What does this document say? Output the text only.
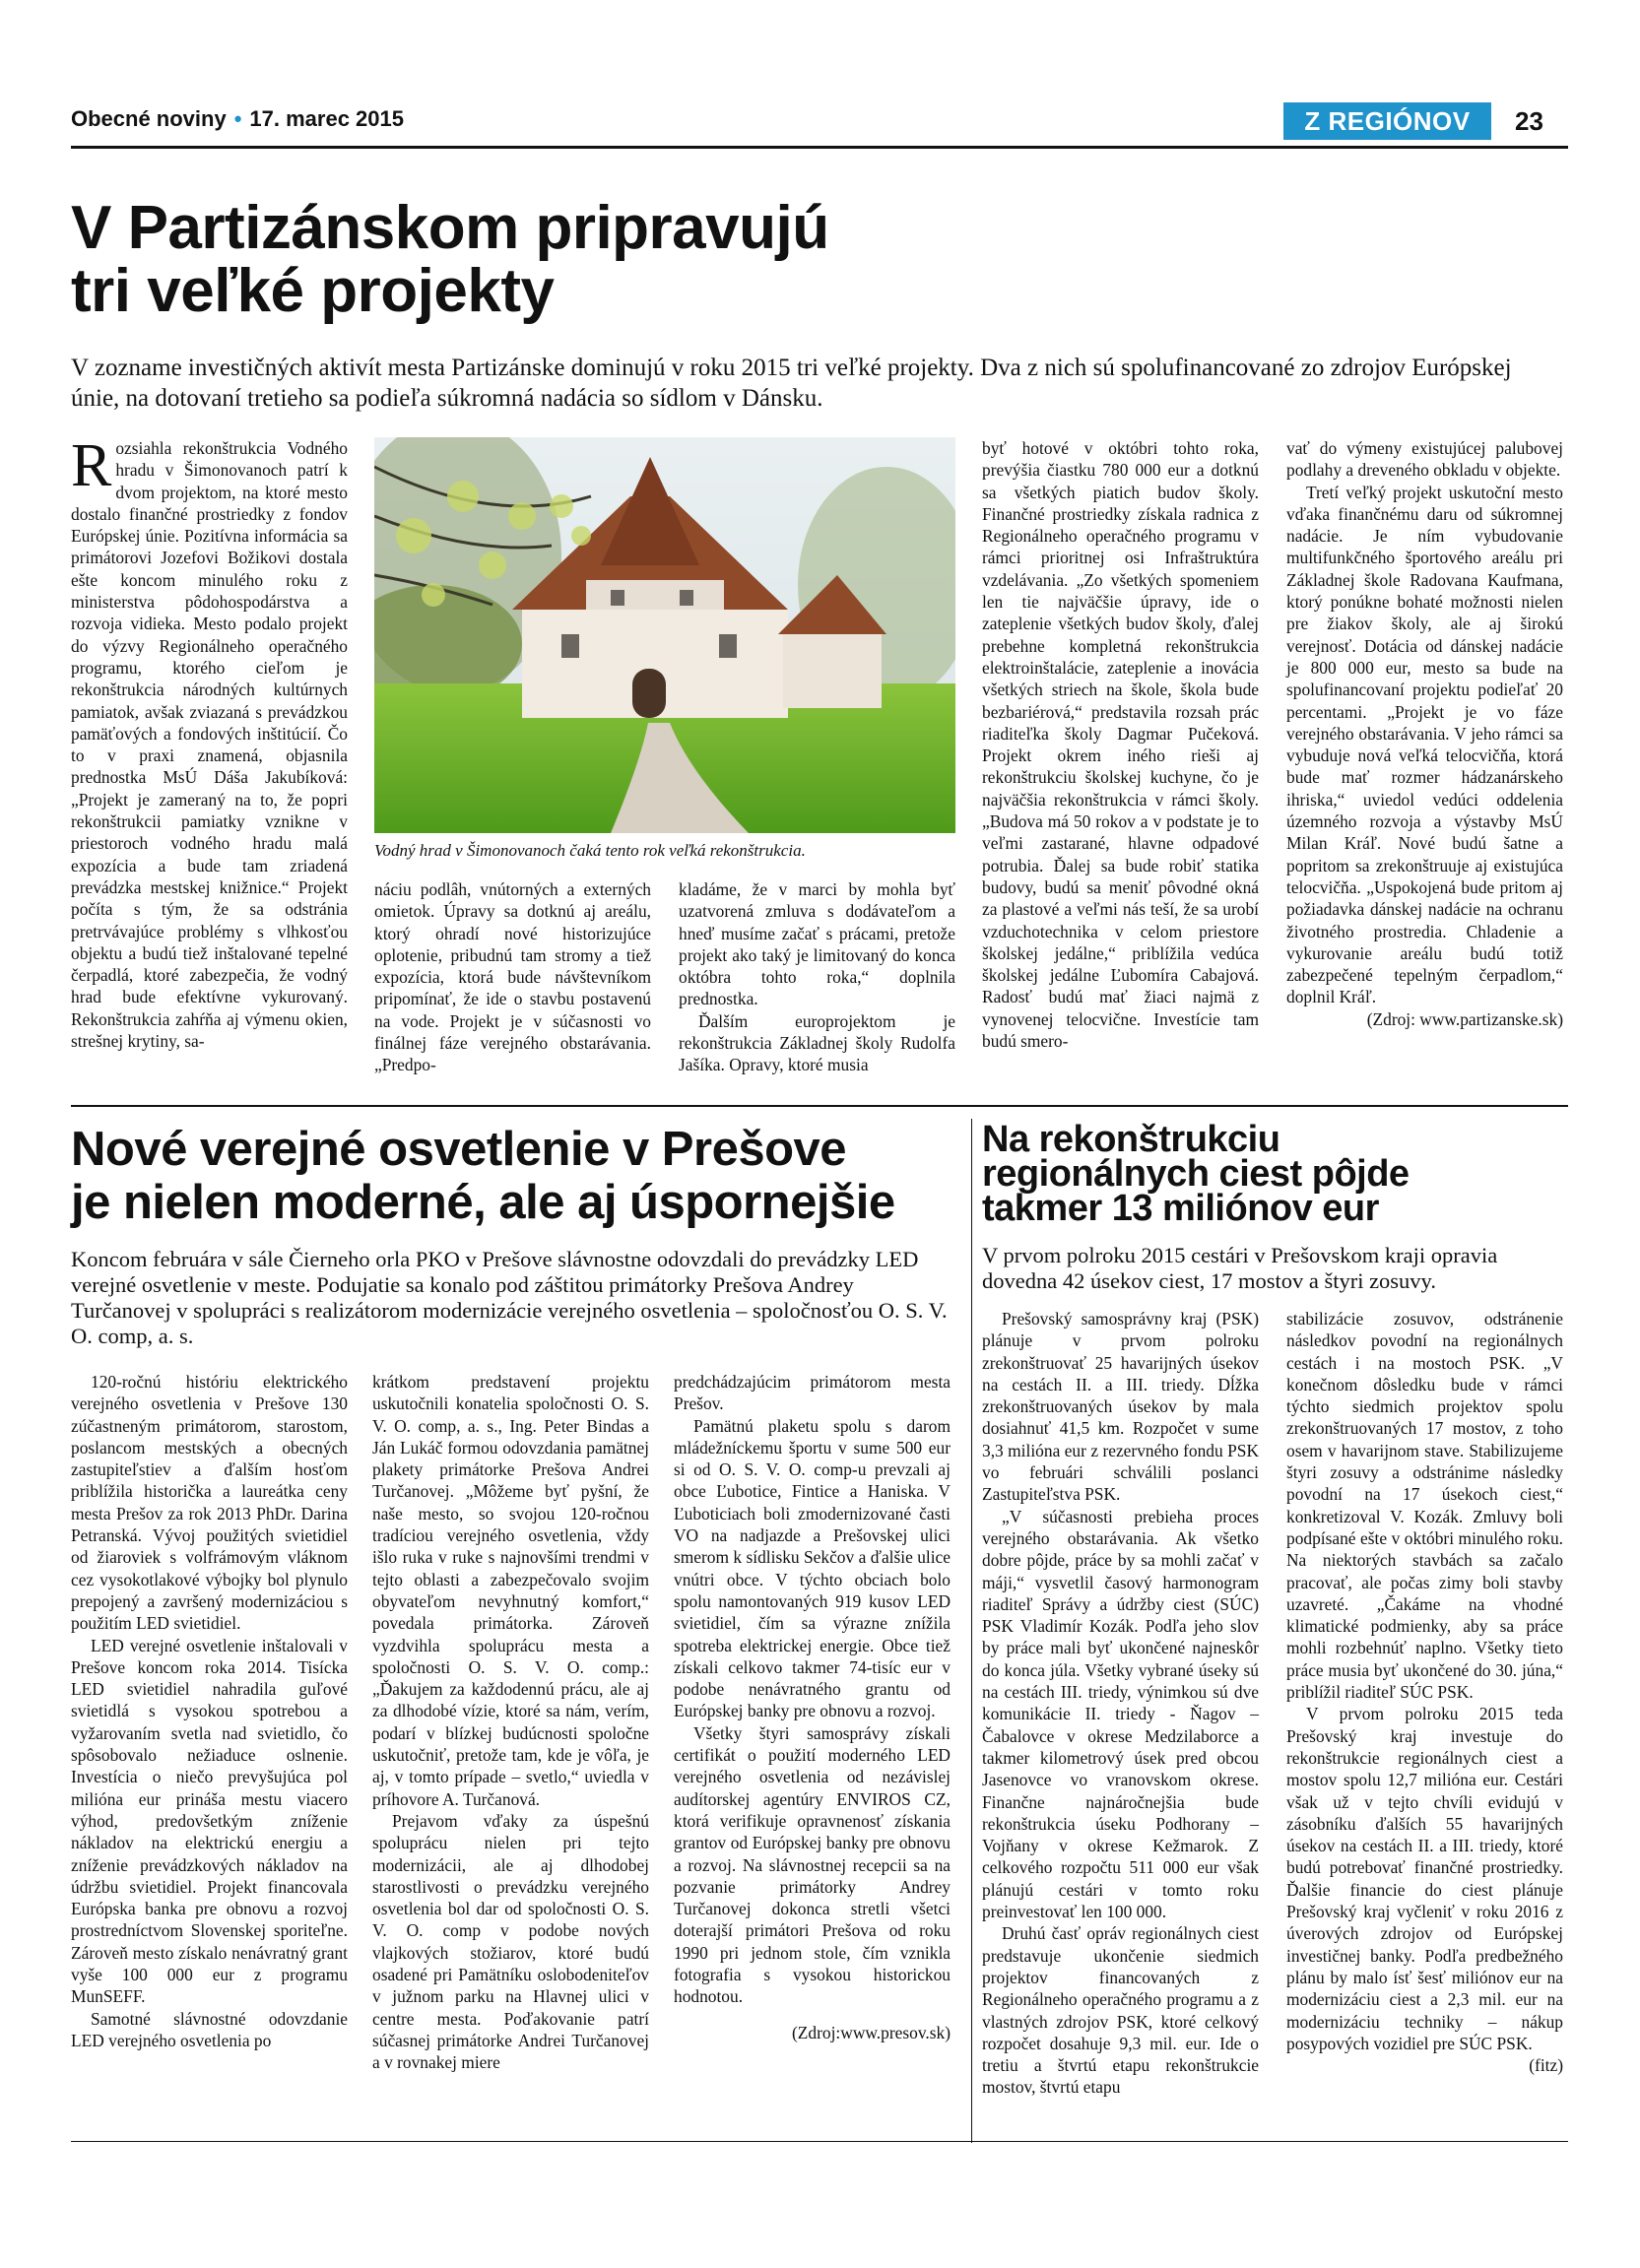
Obecné noviny • 17. marec 2015	Z REGIÓNOV	23
V Partizánskom pripravujú
tri veľké projekty
V zozname investičných aktivít mesta Partizánske dominujú v roku 2015 tri veľké projekty. Dva z nich sú spolufinancované zo zdrojov Európskej únie, na dotovaní tretieho sa podieľa súkromná nadácia so sídlom v Dánsku.

Rozsiahla rekonštrukcia Vodného hradu v Šimonovanoch patrí k dvom projektom, na ktoré mesto dostalo finančné prostriedky z fondov Európskej únie. Pozitívna informácia sa primátorovi Jozefovi Božikovi dostala ešte koncom minulého roku z ministerstva pôdohospodárstva a rozvoja vidieka. Mesto podalo projekt do výzvy Regionálneho operačného programu, ktorého cieľom je rekonštrukcia národných kultúrnych pamiatok, avšak zviazaná s prevádzkou pamäťových a fondových inštitúcií. Čo to v praxi znamená, objasnila prednostka MsÚ Dáša Jakubíková: „Projekt je zameraný na to, že popri rekonštrukcii pamiatky vznikne v priestoroch vodného hradu malá expozícia a bude tam zriadená prevádzka mestskej knižnice.“ Projekt počíta s tým, že sa odstránia pretrvávajúce problémy s vlhkosťou objektu a budú tiež inštalované tepelné čerpadlá, ktoré zabezpečia, že vodný hrad bude efektívne vykurovaný. Rekonštrukcia zahŕňa aj výmenu okien, strešnej krytiny, sa-

Vodný hrad v Šimonovanoch čaká tento rok veľká rekonštrukcia.

náciu podlâh, vnútorných a externých omietok. Úpravy sa dotknú aj areálu, ktorý ohradí nové historizujúce oplotenie, pribudnú tam stromy a tiež expozícia, ktorá bude návštevníkom pripomínať, že ide o stavbu postavenú na vode. Projekt je v súčasnosti vo finálnej fáze verejného obstarávania. „Predpo-

kladáme, že v marci by mohla byť uzatvorená zmluva s dodávateľom a hneď musíme začať s prácami, pretože projekt ako taký je limitovaný do konca októbra tohto roka,“ doplnila prednostka.

Ďalším europrojektom je rekonštrukcia Základnej školy Rudolfa Jašíka. Opravy, ktoré musia

byť hotové v októbri tohto roka, prevýšia čiastku 780 000 eur a dotknú sa všetkých piatich budov školy. Finančné prostriedky získala radnica z Regionálneho operačného programu v rámci prioritnej osi Infraštruktúra vzdelávania. „Zo všetkých spomeniem len tie najväčšie úpravy, ide o zateplenie všetkých budov školy, ďalej prebehne kompletná rekonštrukcia elektroinštalácie, zateplenie a inovácia všetkých striech na škole, škola bude bezbariérová,“ predstavila rozsah prác riaditeľka školy Dagmar Pučeková. Projekt okrem iného rieši aj rekonštrukciu školskej kuchyne, čo je najväčšia rekonštrukcia v rámci školy. „Budova má 50 rokov a v podstate je to veľmi zastarané, hlavne odpadové potrubia. Ďalej sa bude robiť statika budovy, budú sa meniť pôvodné okná za plastové a veľmi nás teší, že sa urobí vzduchotechnika v celom priestore školskej jedálne,“ priblížila vedúca školskej jedálne Ľubomíra Cabajová. Radosť budú mať žiaci najmä z vynovenej telocvične. Investície tam budú smero-

vať do výmeny existujúcej palubovej podlahy a dreveného obkladu v objekte.

Tretí veľký projekt uskutoční mesto vďaka finančnému daru od súkromnej nadácie. Je ním vybudovanie multifunkčného športového areálu pri Základnej škole Radovana Kaufmana, ktorý ponúkne bohaté možnosti nielen pre žiakov školy, ale aj širokú verejnosť. Dotácia od dánskej nadácie je 800 000 eur, mesto sa bude na spolufinancovaní projektu podieľať 20 percentami. „Projekt je vo fáze verejného obstarávania. V jeho rámci sa vybuduje nová veľká telocvičňa, ktorá bude mať rozmer hádzanárskeho ihriska,“ uviedol vedúci oddelenia územného rozvoja a výstavby MsÚ Milan Kráľ. Nové budú šatne a popritom sa zrekonštruuje aj existujúca telocvičňa. „Uspokojená bude pritom aj požiadavka dánskej nadácie na ochranu životného prostredia. Chladenie a vykurovanie areálu budú totiž zabezpečené tepelným čerpadlom,“ doplnil Kráľ.

(Zdroj: www.partizanske.sk)
Nové verejné osvetlenie v Prešove
je nielen moderné, ale aj úspornejšie
Koncom februára v sále Čierneho orla PKO v Prešove slávnostne odovzdali do prevádzky LED verejné osvetlenie v meste. Podujatie sa konalo pod záštitou primátorky Prešova Andrey Turčanovej v spolupráci s realizátorom modernizácie verejného osvetlenia – spoločnosťou O. S. V. O. comp, a. s.

120-ročnú históriu elektrického verejného osvetlenia v Prešove 130 zúčastneným primátorom, starostom, poslancom mestských a obecných zastupiteľstiev a ďalším hosťom priblížila historička a laureátka ceny mesta Prešov za rok 2013 PhDr. Darina Petranská. Vývoj použitých svietidiel od žiaroviek s volfrámovým vláknom cez vysokotlakové výbojky bol plynulo prepojený a završený modernizáciou s použitím LED svietidiel.

LED verejné osvetlenie inštalovali v Prešove koncom roka 2014. Tisícka LED svietidiel nahradila guľové svietidlá s vysokou spotrebou a vyžarovaním svetla nad svietidlo, čo spôsobovalo nežiaduce oslnenie. Investícia o niečo prevyšujúca pol milióna eur prináša mestu viacero výhod, predovšetkým zníženie nákladov na elektrickú energiu a zníženie prevádzkových nákladov na údržbu svietidiel. Projekt financovala Európska banka pre obnovu a rozvoj prostredníctvom Slovenskej sporiteľne. Zároveň mesto získalo nenávratný grant vyše 100 000 eur z programu MunSEFF.

Samotné slávnostné odovzdanie LED verejného osvetlenia po

krátkom predstavení projektu uskutočnili konatelia spoločnosti O. S. V. O. comp, a. s., Ing. Peter Bindas a Ján Lukáč formou odovzdania pamätnej plakety primátorke Prešova Andrei Turčanovej. „Môžeme byť pyšní, že naše mesto, so svojou 120-ročnou tradíciou verejného osvetlenia, vždy išlo ruka v ruke s najnovšími trendmi v tejto oblasti a zabezpečovalo svojim obyvateľom nevyhnutný komfort,“ povedala primátorka. Zároveň vyzdvihla spoluprácu mesta a spoločnosti O. S. V. O. comp.: „Ďakujem za každodennú prácu, ale aj za dlhodobé vízie, ktoré sa nám, verím, podarí v blízkej budúcnosti spoločne uskutočniť, pretože tam, kde je vôľa, je aj, v tomto prípade – svetlo,“ uviedla v príhovore A. Turčanová.

Prejavom vďaky za úspešnú spoluprácu nielen pri tejto modernizácii, ale aj dlhodobej starostlivosti o prevádzku verejného osvetlenia bol dar od spoločnosti O. S. V. O. comp v podobe nových vlajkových stožiarov, ktoré budú osadené pri Pamätníku oslobodeniteľov v južnom parku na Hlavnej ulici v centre mesta. Poďakovanie patrí súčasnej primátorke Andrei Turčanovej a v rovnakej miere

predchádzajúcim primátorom mesta Prešov.

Pamätnú plaketu spolu s darom mládežníckemu športu v sume 500 eur si od O. S. V. O. comp-u prevzali aj obce Ľubotice, Fintice a Haniska. V Ľuboticiach boli zmodernizované časti VO na nadjazde a Prešovskej ulici smerom k sídlisku Sekčov a ďalšie ulice vnútri obce. V týchto obciach bolo spolu namontovaných 919 kusov LED svietidiel, čím sa výrazne znížila spotreba elektrickej energie. Obce tiež získali celkovo takmer 74-tisíc eur v podobe nenávratného grantu od Európskej banky pre obnovu a rozvoj.

Všetky štyri samosprávy získali certifikát o použití moderného LED verejného osvetlenia od nezávislej audítorskej agentúry ENVIROS CZ, ktorá verifikuje opravnenosť získania grantov od Európskej banky pre obnovu a rozvoj. Na slávnostnej recepcii sa na pozvanie primátorky Andrey Turčanovej dokonca stretli všetci doterajší primátori Prešova od roku 1990 pri jednom stole, čím vznikla fotografia s vysokou historickou hodnotou.

(Zdroj:www.presov.sk)
Na rekonštrukciu
regionálnych ciest pôjde
takmer 13 miliónov eur
V prvom polroku 2015 cestári v Prešovskom kraji opravia dovedna 42 úsekov ciest, 17 mostov a štyri zosuvy.

Prešovský samosprávny kraj (PSK) plánuje v prvom polroku zrekonštruovať 25 havarijných úsekov na cestách II. a III. triedy. Dĺžka zrekonštruovaných úsekov by mala dosiahnuť 41,5 km. Rozpočet v sume 3,3 milióna eur z rezervného fondu PSK vo februári schválili poslanci Zastupiteľstva PSK.

„V súčasnosti prebieha proces verejného obstarávania. Ak všetko dobre pôjde, práce by sa mohli začať v máji,“ vysvetlil časový harmonogram riaditeľ Správy a údržby ciest (SÚC) PSK Vladimír Kozák. Podľa jeho slov by práce mali byť ukončené najneskôr do konca júla. Všetky vybrané úseky sú na cestách III. triedy, výnimkou sú dve komunikácie II. triedy - Ňagov – Čabalovce v okrese Medzilaborce a takmer kilometrový úsek pred obcou Jasenovce vo vranovskom okrese. Finančne najnáročnejšia bude rekonštrukcia úseku Podhorany – Vojňany v okrese Kežmarok. Z celkového rozpočtu 511 000 eur však plánujú cestári v tomto roku preinvestovať len 100 000.

Druhú časť opráv regionálnych ciest predstavuje ukončenie siedmich projektov financovaných z Regionálneho operačného programu a z vlastných zdrojov PSK, ktoré celkový rozpočet dosahuje 9,3 mil. eur. Ide o tretiu a štvrtú etapu rekonštrukcie mostov, štvrtú etapu

stabilizácie zosuvov, odstránenie následkov povodní na regionálnych cestách i na mostoch PSK. „V konečnom dôsledku bude v rámci týchto siedmich projektov spolu zrekonštruovaných 17 mostov, z toho osem v havarijnom stave. Stabilizujeme štyri zosuvy a odstránime následky povodní na 17 úsekoch ciest,“ konkretizoval V. Kozák. Zmluvy boli podpísané ešte v októbri minulého roku. Na niektorých stavbách sa začalo pracovať, ale počas zimy boli stavby uzavreté. „Čakáme na vhodné klimatické podmienky, aby sa práce mohli rozbehnúť naplno. Všetky tieto práce musia byť ukončené do 30. júna,“ priblížil riaditeľ SÚC PSK.

V prvom polroku 2015 teda Prešovský kraj investuje do rekonštrukcie regionálnych ciest a mostov spolu 12,7 milióna eur. Cestári však už v tejto chvíli evidujú v zásobníku ďalších 55 havarijných úsekov na cestách II. a III. triedy, ktoré budú potrebovať finančné prostriedky. Ďalšie financie do ciest plánuje Prešovský kraj vyčleniť v roku 2016 z úverových zdrojov od Európskej investičnej banky. Podľa predbežného plánu by malo ísť šesť miliónov eur na modernizáciu ciest a 2,3 mil. eur na modernizáciu techniky – nákup posypových vozidiel pre SÚC PSK.

(fitz)
